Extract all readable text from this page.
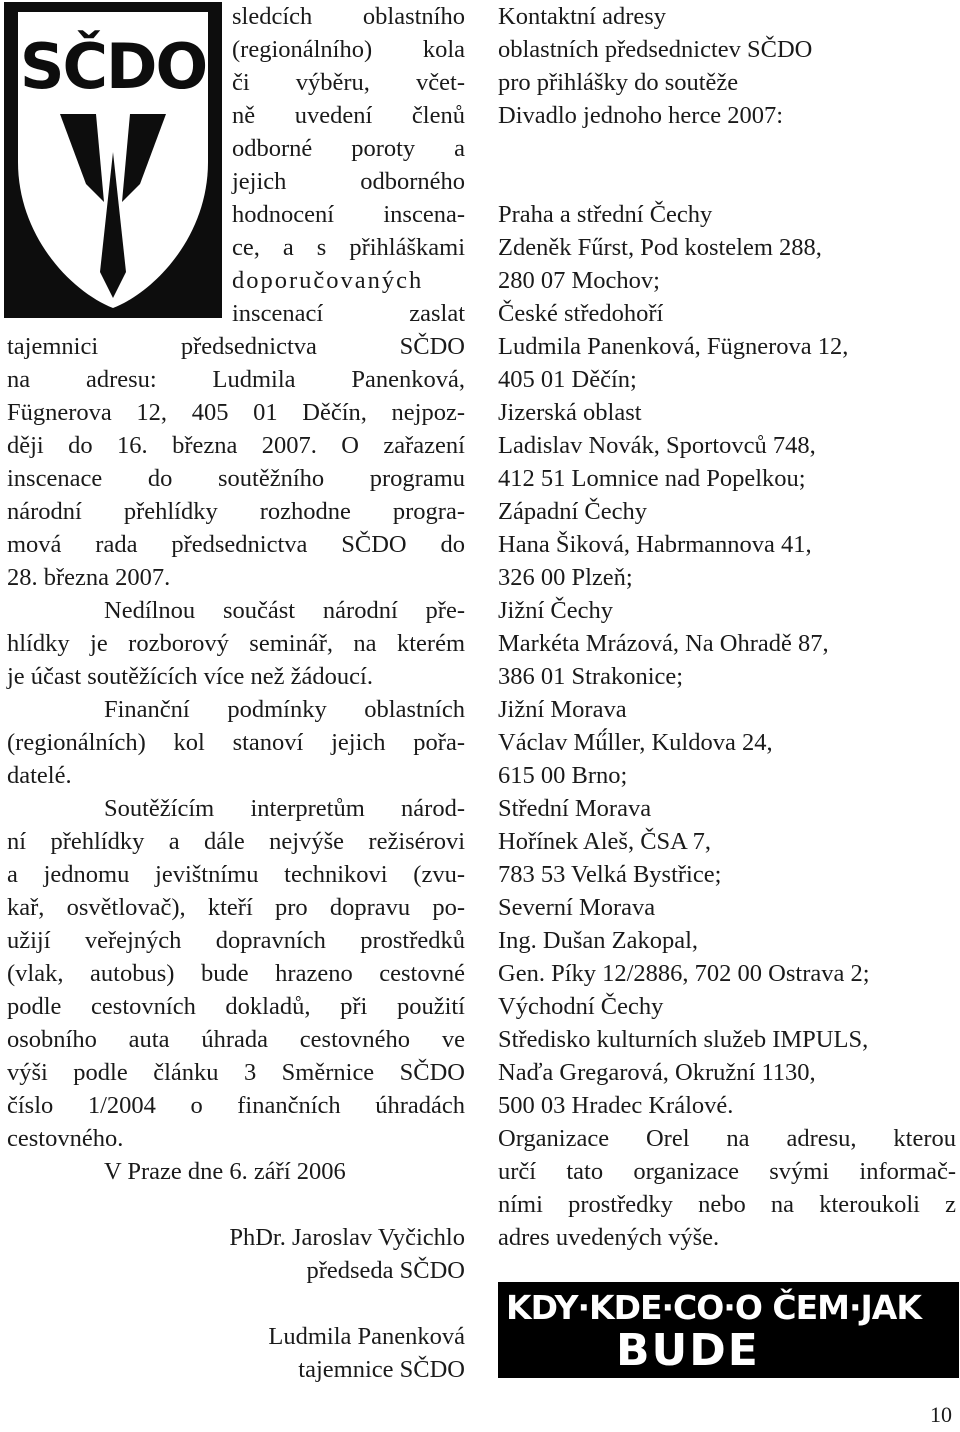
SČDO

sledcích oblastního

(regionálního) kola

či výběru, včet-

ně uvedení členů

odborné poroty a

jejich odborného

hodnocení inscena-

ce, a s přihláškami

doporučovaných

inscenací zaslat

tajemnici předsednictva SČDO

na adresu: Ludmila Panenková,

Fügnerova 12, 405 01 Děčín, nejpoz-

ději do 16. března 2007. O zařazení

inscenace do soutěžního programu

národní přehlídky rozhodne progra-

mová rada předsednictva SČDO do

28. března 2007.

Nedílnou součást národní pře-

hlídky je rozborový seminář, na kterém

je účast soutěžících více než žádoucí.

Finanční podmínky oblastních

(regionálních) kol stanoví jejich pořa-

datelé.

Soutěžícím interpretům národ-

ní přehlídky a dále nejvýše režisérovi

a jednomu jevištnímu technikovi (zvu-

kař, osvětlovač), kteří pro dopravu po-

užijí veřejných dopravních prostředků

(vlak, autobus) bude hrazeno cestovné

podle cestovních dokladů, při použití

osobního auta úhrada cestovného ve

výši podle článku 3 Směrnice SČDO

číslo 1/2004 o finančních úhradách

cestovného.

V Praze dne 6. září 2006

PhDr. Jaroslav Vyčichlo

předseda SČDO

Ludmila Panenková

tajemnice SČDO

Kontaktní adresy

oblastních předsednictev SČDO

pro přihlášky do soutěže

Divadlo jednoho herce 2007:

Praha a střední Čechy

Zdeněk Fűrst, Pod kostelem 288,

280 07 Mochov;

České středohoří

Ludmila Panenková, Fügnerova 12,

405 01 Děčín;

Jizerská oblast

Ladislav Novák, Sportovců 748,

412 51 Lomnice nad Popelkou;

Západní Čechy

Hana Šiková, Habrmannova 41,

326 00 Plzeň;

Jižní Čechy

Markéta Mrázová, Na Ohradě 87,

386 01 Strakonice;

Jižní Morava

Václav Mű́ller, Kuldova 24,

615 00 Brno;

Střední Morava

Hořínek Aleš, ČSA 7,

783 53 Velká Bystřice;

Severní Morava

Ing. Dušan Zakopal,

Gen. Píky 12/2886, 702 00 Ostrava 2;

Východní Čechy

Středisko kulturních služeb IMPULS,

Naďa Gregarová, Okružní 1130,

500 03 Hradec Králové.

Organizace Orel na adresu, kterou

určí tato organizace svými informač-

ními prostředky nebo na kteroukoli z

adres uvedených výše.

KDY·KDE·CO·O ČEM·JAK
BUDE
10
